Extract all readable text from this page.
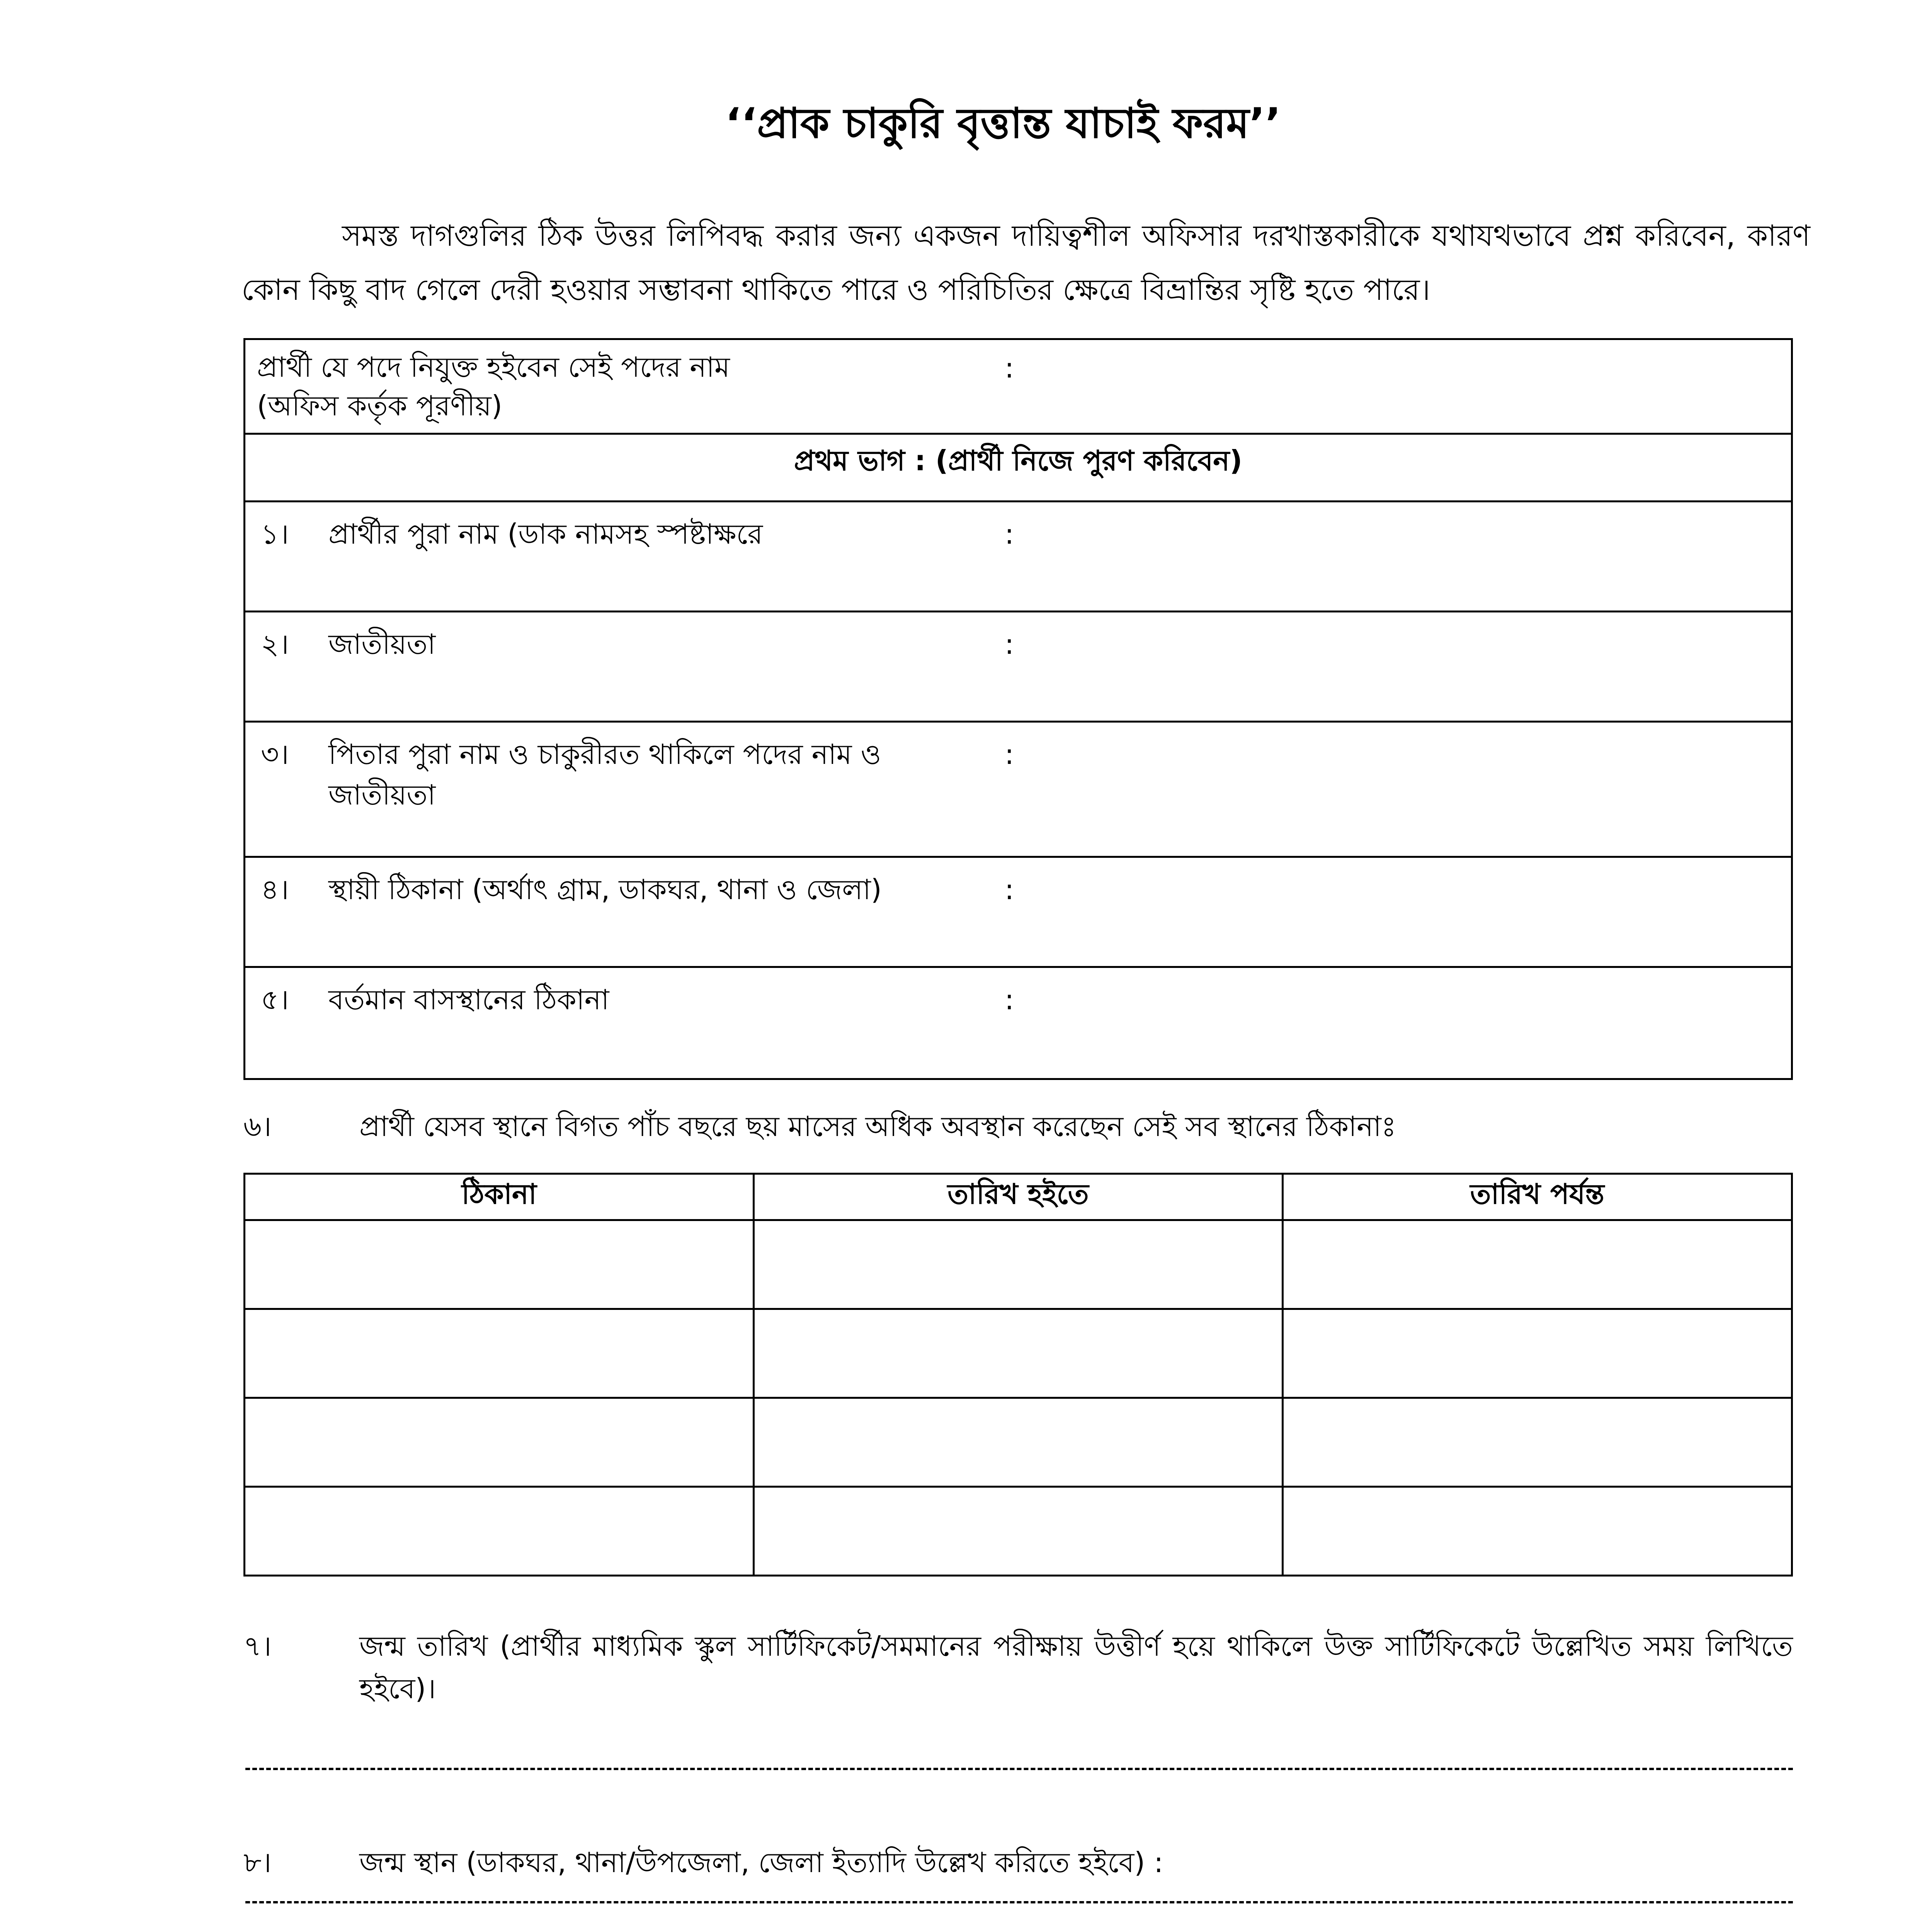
‘‘প্রাক চাকুরি বৃত্তান্ত যাচাই ফরম’’
সমস্ত দাগগুলির ঠিক উত্তর লিপিবদ্ধ করার জন্য একজন দায়িত্বশীল অফিসার দরখাস্তকারীকে যথাযথভাবে প্রশ্ন করিবেন, কারণ কোন কিছু বাদ গেলে দেরী হওয়ার সম্ভাবনা থাকিতে পারে ও পরিচিতির ক্ষেত্রে বিভ্রান্তির সৃষ্টি হতে পারে।
প্রার্থী যে পদে নিযুক্ত হইবেন সেই পদের নাম
(অফিস কর্তৃক পূরণীয়)
:
প্রথম ভাগ : (প্রার্থী নিজে পুরণ করিবেন)
১। প্রার্থীর পুরা নাম (ডাক নামসহ স্পষ্টাক্ষরে	:
২। জাতীয়তা	:
৩। পিতার পুরা নাম ও চাকুরীরত থাকিলে পদের নাম ও জাতীয়তা
:
৪। স্থায়ী ঠিকানা (অর্থাৎ গ্রাম, ডাকঘর, থানা ও জেলা)	:
৫। বর্তমান বাসস্থানের ঠিকানা	:
৬।	প্রার্থী যেসব স্থানে বিগত পাঁচ বছরে ছয় মাসের অধিক অবস্থান করেছেন সেই সব স্থানের ঠিকানাঃ
ঠিকানা	তারিখ হইতে	তারিখ পর্যন্ত

৭।	জন্ম তারিখ (প্রার্থীর মাধ্যমিক স্কুল সার্টিফিকেট/সমমানের পরীক্ষায় উত্তীর্ণ হয়ে থাকিলে উক্ত সার্টিফিকেটে উল্লেখিত সময় লিখিতে হইবে)।
৮।	জন্ম স্থান (ডাকঘর, থানা/উপজেলা, জেলা ইত্যাদি উল্লেখ করিতে হইবে) :
